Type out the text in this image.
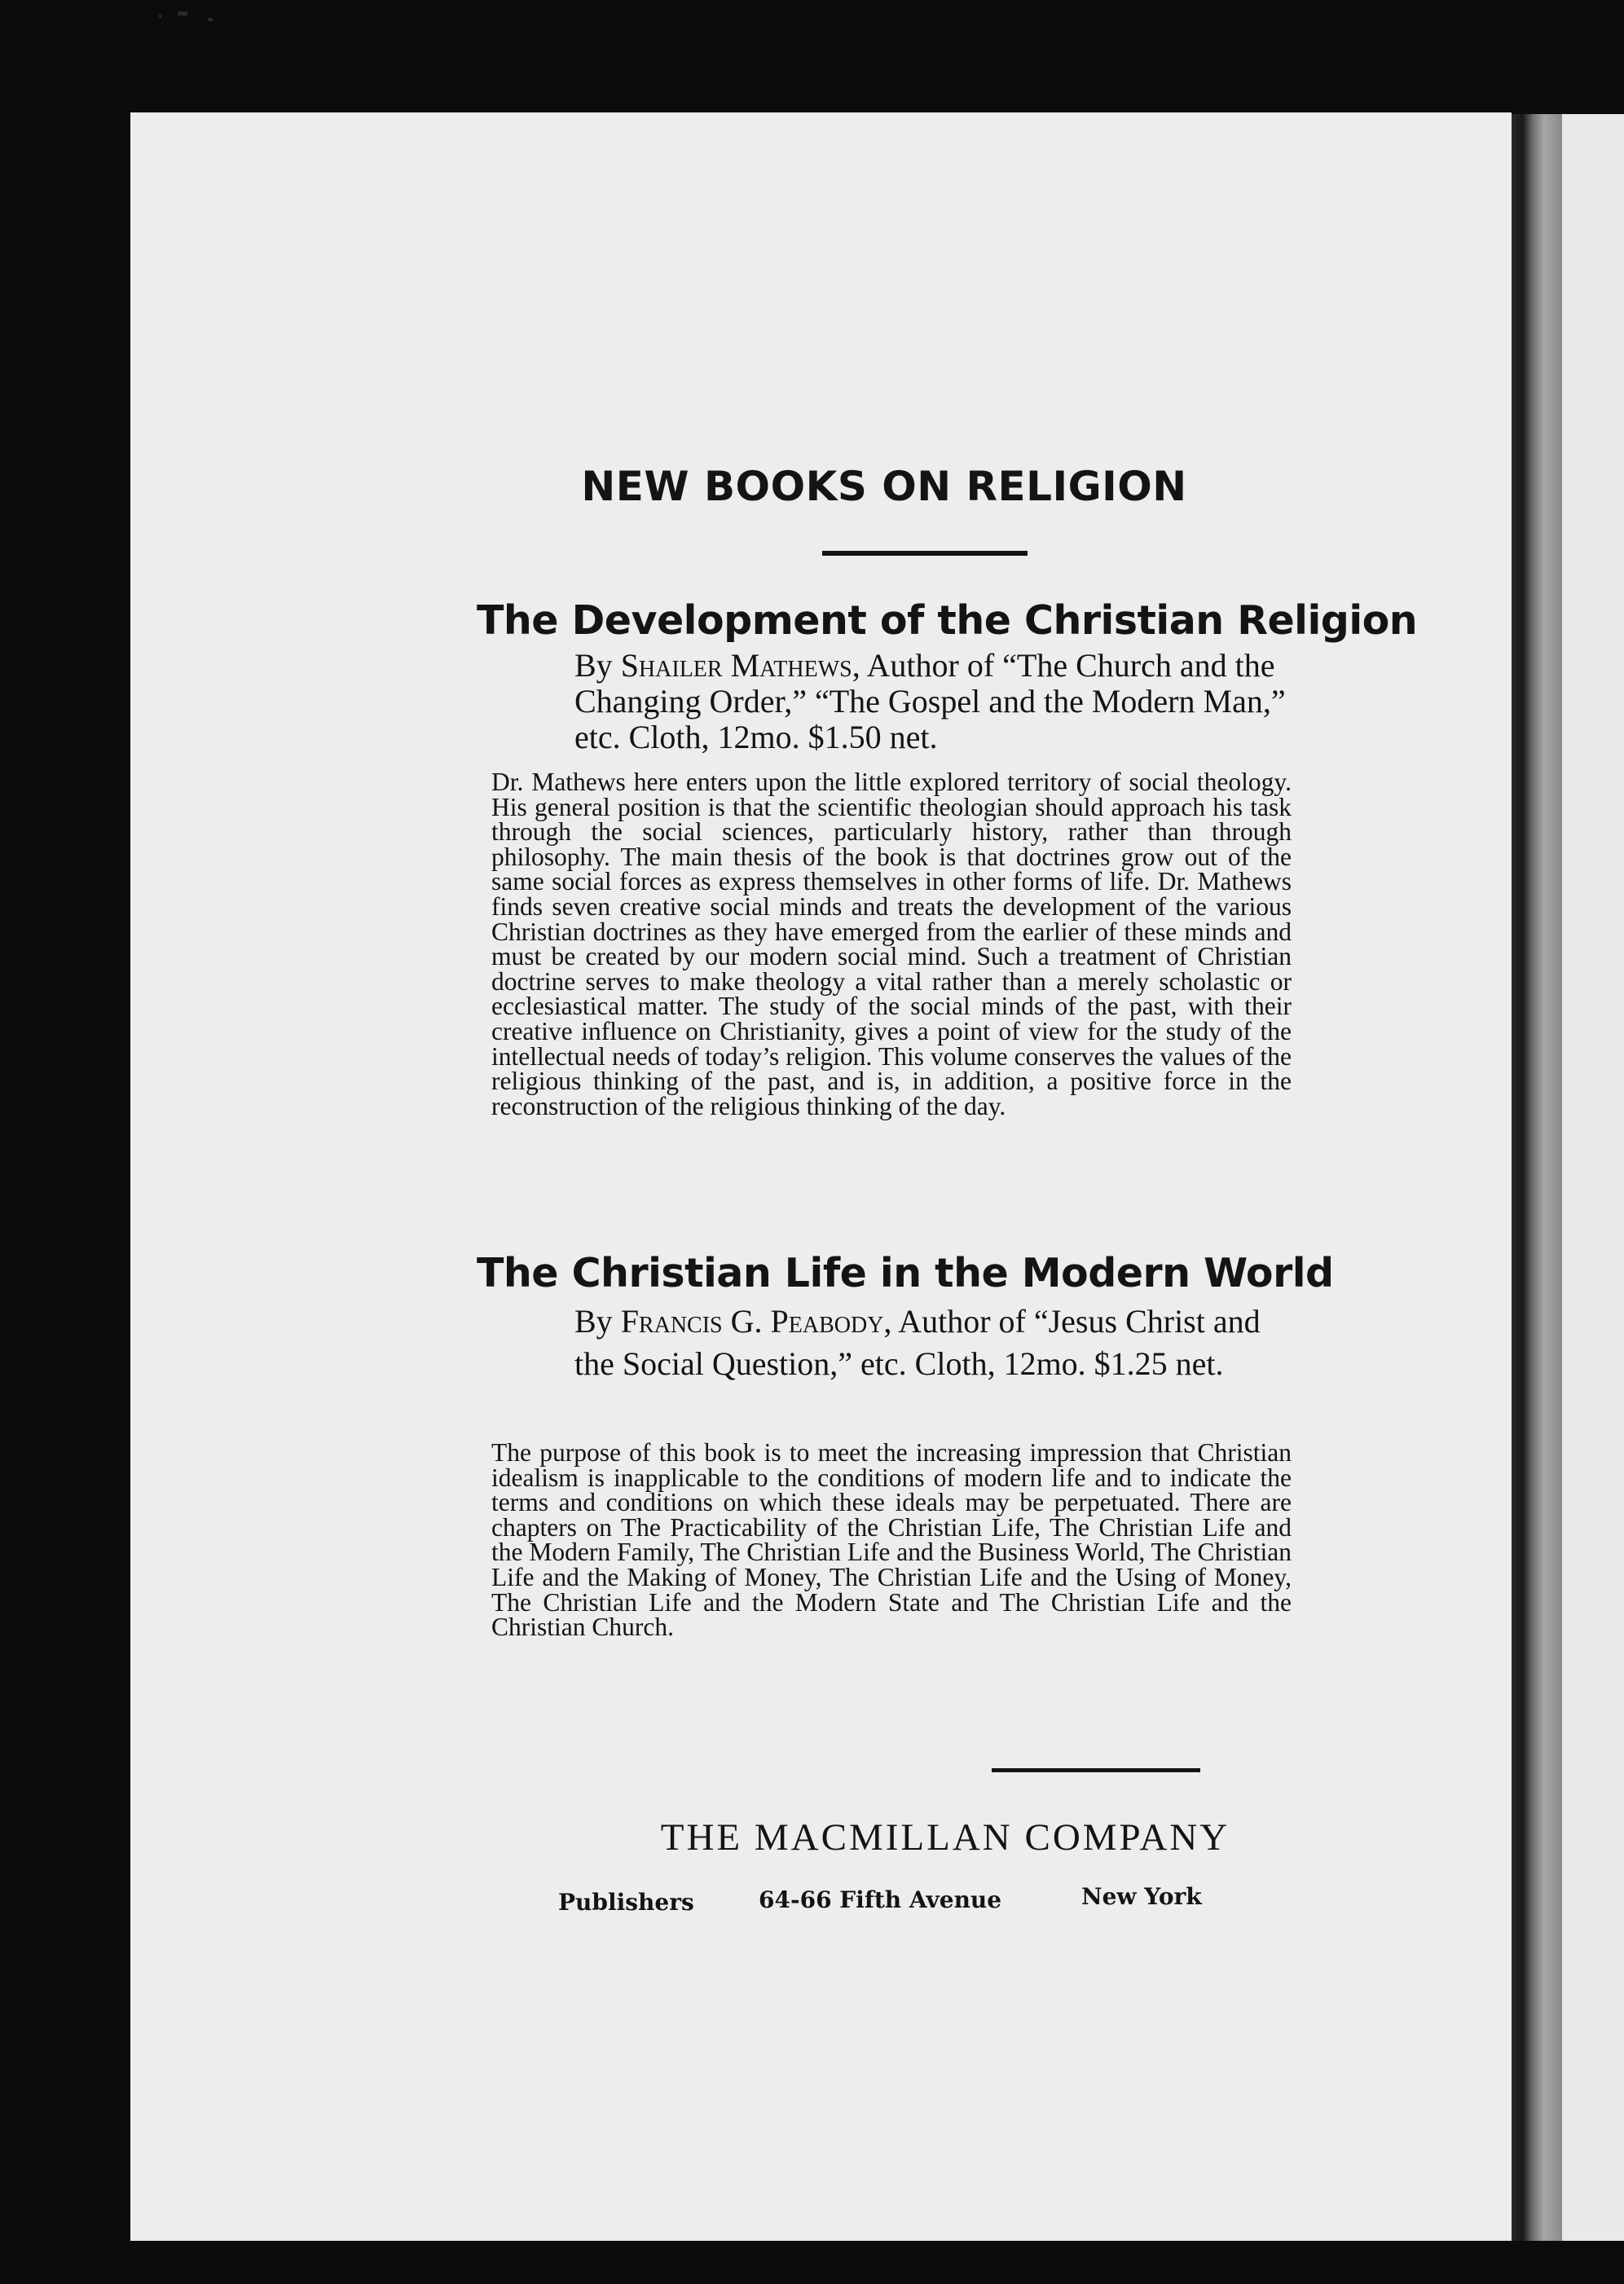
NEW BOOKS ON RELIGION
The Development of the Christian Religion

By Shailer Mathews, Author of “The Church and the Changing Order,” “The Gospel and the Modern Man,” etc. Cloth, 12mo. $1.50 net.

Dr. Mathews here enters upon the little explored territory of social theology. His general position is that the scientific theologian should approach his task through the social sciences, particularly history, rather than through philosophy. The main thesis of the book is that doctrines grow out of the same social forces as express themselves in other forms of life. Dr. Mathews finds seven creative social minds and treats the development of the various Christian doctrines as they have emerged from the earlier of these minds and must be created by our modern social mind. Such a treatment of Christian doctrine serves to make theology a vital rather than a merely scholastic or ecclesiastical matter. The study of the social minds of the past, with their creative influence on Christianity, gives a point of view for the study of the intellectual needs of today’s religion. This volume conserves the values of the religious thinking of the past, and is, in addition, a positive force in the reconstruction of the religious thinking of the day.

The Christian Life in the Modern World

By Francis G. Peabody, Author of “Jesus Christ and the Social Question,” etc. Cloth, 12mo. $1.25 net.

The purpose of this book is to meet the increasing impression that Christian idealism is inapplicable to the conditions of modern life and to indicate the terms and conditions on which these ideals may be perpetuated. There are chapters on The Practicability of the Christian Life, The Christian Life and the Modern Family, The Christian Life and the Business World, The Christian Life and the Making of Money, The Christian Life and the Using of Money, The Christian Life and the Modern State and The Christian Life and the Christian Church.

THE MACMILLAN COMPANY

Publishers	64-66 Fifth Avenue	New York
